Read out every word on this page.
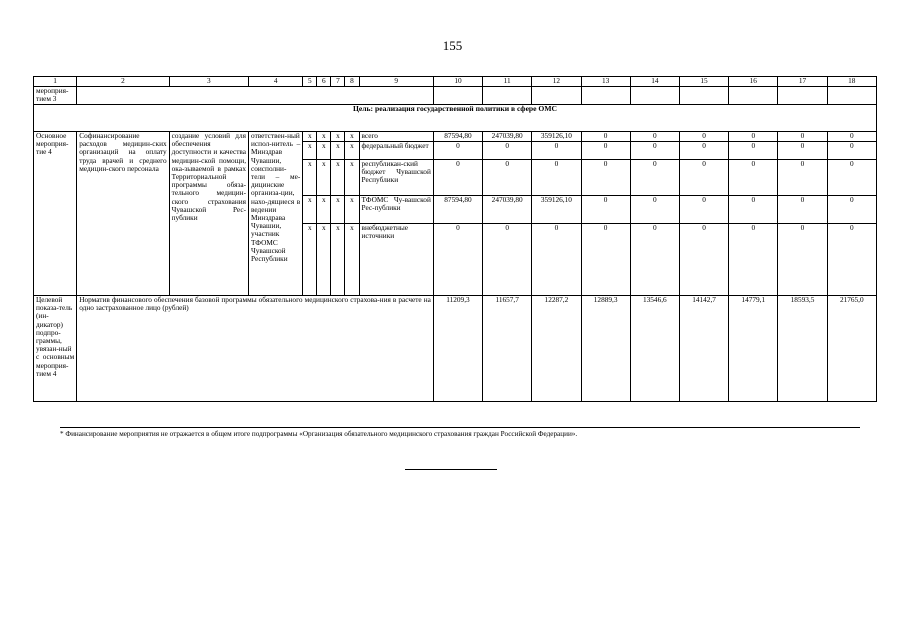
155
1	2	3	4	5	6	7	8	9	10	11	12	13	14	15	16	17	18
мероприя-тием 3																	
Цель: реализация государственной политики в сфере ОМС																	
Основное мероприя-тие 4	Софинансирование расходов медицин-ских организаций на оплату труда врачей и среднего медицин-ского персонала	создание условий для обеспечения доступности и качества медицин-ской помощи, ока-зываемой в рамках Территориальной программы обяза-тельного медицин-ского страхования Чувашской Рес-публики	ответствен-ный испол-нитель – Минздрав Чувашии, соисполни-тели – ме-дицинские организа-ции, нахо-дящиеся в ведении Минздрава Чувашии, участник ТФОМС Чувашской Республики	х	х	х	х	всего	87594,80	247039,80	359126,10	0	0	0	0	0	0
				х	х	х	х	федеральный бюджет	0	0	0	0	0	0	0	0	0
				х	х	х	х	республикан-ский бюджет Чувашской Республики	0	0	0	0	0	0	0	0	0
				х	х	х	х	ТФОМС Чу-вашской Рес-публики	87594,80	247039,80	359126,10	0	0	0	0	0	0
				х	х	х	х	внебюджетные источники	0	0	0	0	0	0	0	0	0
Целевой показа-тель (ин-дикатор) подпро-граммы, увязан-ный с основным мероприя-тием 4	Норматив финансового обеспечения базовой программы обязательного медицинского страхова-ния в расчете на одно застрахованное лицо (рублей)								11209,3	11657,7	12287,2	12889,3	13546,6	14142,7	14779,1	18593,5	21765,0
* Финансирование мероприятия не отражается в общем итоге подпрограммы «Организация обязательного медицинского страхования граждан Российской Федерации».
